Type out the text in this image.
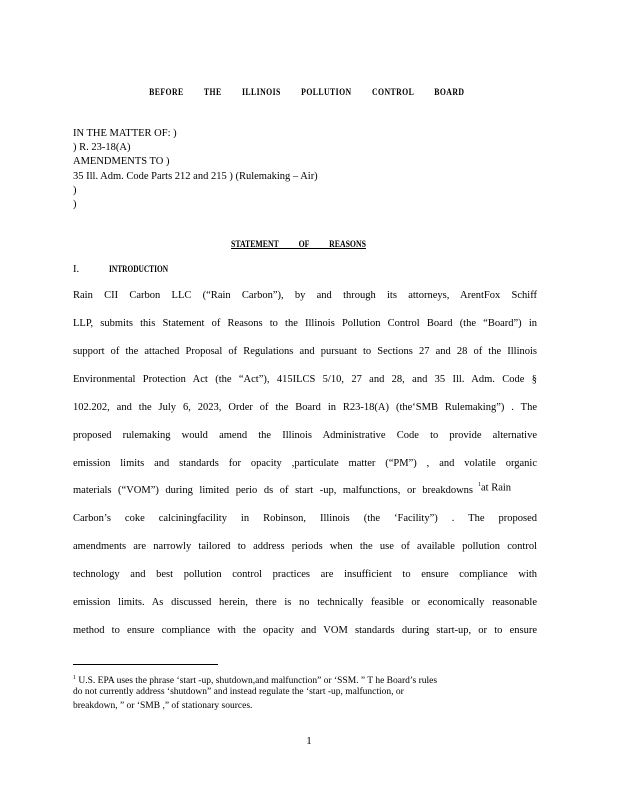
BEFORE THE ILLINOIS POLLUTION CONTROL BOARD
IN THE MATTER OF: )
) R. 23-18(A)
AMENDMENTS TO )
35 Ill. Adm. Code Parts 212 and 215 ) (Rulemaking – Air)
)
)
STATEMENT OF REASONS
I.	INTRODUCTION
Rain CII Carbon LLC (“Rain Carbon”), by and through its attorneys, ArentFox Schiff
LLP, submits this Statement of Reasons to the Illinois Pollution Control Board (the “Board”) in
support of the attached Proposal of Regulations and pursuant to Sections 27 and 28 of the Illinois
Environmental Protection Act (the “Act”), 415ILCS 5/10, 27 and 28, and 35 Ill. Adm. Code §
102.202, and the July 6, 2023, Order of the Board in R23-18(A) (the‘SMB Rulemaking”) . The
proposed rulemaking would amend the Illinois Administrative Code to provide alternative
emission limits and standards for opacity ,particulate matter (“PM”) , and volatile organic
materials (“VOM”) during limited perio ds of start -up, malfunctions, or breakdowns $^1$at Rain
Carbon’s coke calciningfacility in Robinson, Illinois (the ‘Facility”) . The proposed
amendments are narrowly tailored to address periods when the use of available pollution control
technology and best pollution control practices are insufficient to ensure compliance with
emission limits. As discussed herein, there is no technically feasible or economically reasonable
method to ensure compliance with the opacity and VOM standards during start-up, or to ensure
$^1$ U.S. EPA uses the phrase ‘start -up, shutdown,and malfunction” or ‘SSM. ” T he Board’s rules
do not currently address ‘shutdown” and instead regulate the ‘start -up, malfunction, or
breakdown, ” or ‘SMB ,” of stationary sources.
1
